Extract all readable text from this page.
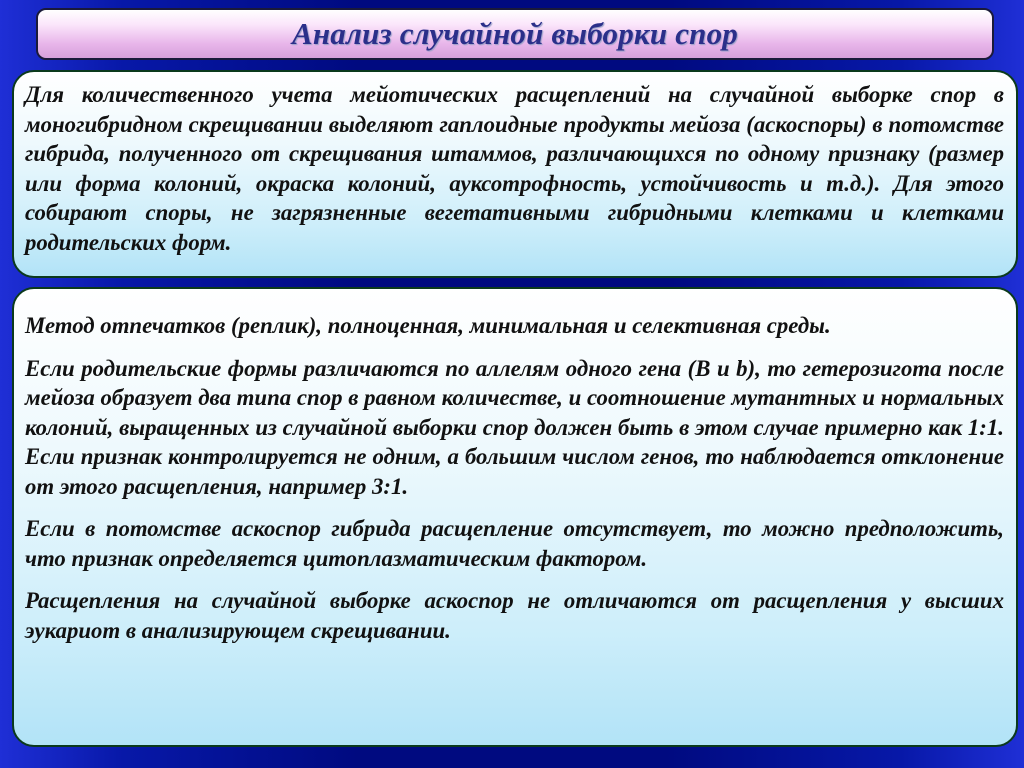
Анализ случайной выборки спор

Для количественного учета мейотических расщеплений на случайной выборке спор в моногибридном скрещивании выделяют гаплоидные продукты мейоза (аскоспоры) в потомстве гибрида, полученного от скрещивания штаммов, различающихся по одному признаку (размер или форма колоний, окраска колоний, ауксотрофность, устойчивость и т.д.). Для этого собирают споры, не загрязненные вегетативными гибридными клетками и клетками родительских форм.

Метод отпечатков (реплик), полноценная, минимальная и селективная среды.

Если родительские формы различаются по аллелям одного гена (B и b), то гетерозигота после мейоза образует два типа спор в равном количестве, и соотношение мутантных и нормальных колоний, выращенных из случайной выборки спор должен быть в этом случае примерно как 1:1. Если признак контролируется не одним, а большим числом генов, то наблюдается отклонение от этого расщепления, например 3:1.

Если в потомстве аскоспор гибрида расщепление отсутствует, то можно предположить, что признак определяется цитоплазматическим фактором.

Расщепления на случайной выборке аскоспор не отличаются от расщепления у высших эукариот в анализирующем скрещивании.
